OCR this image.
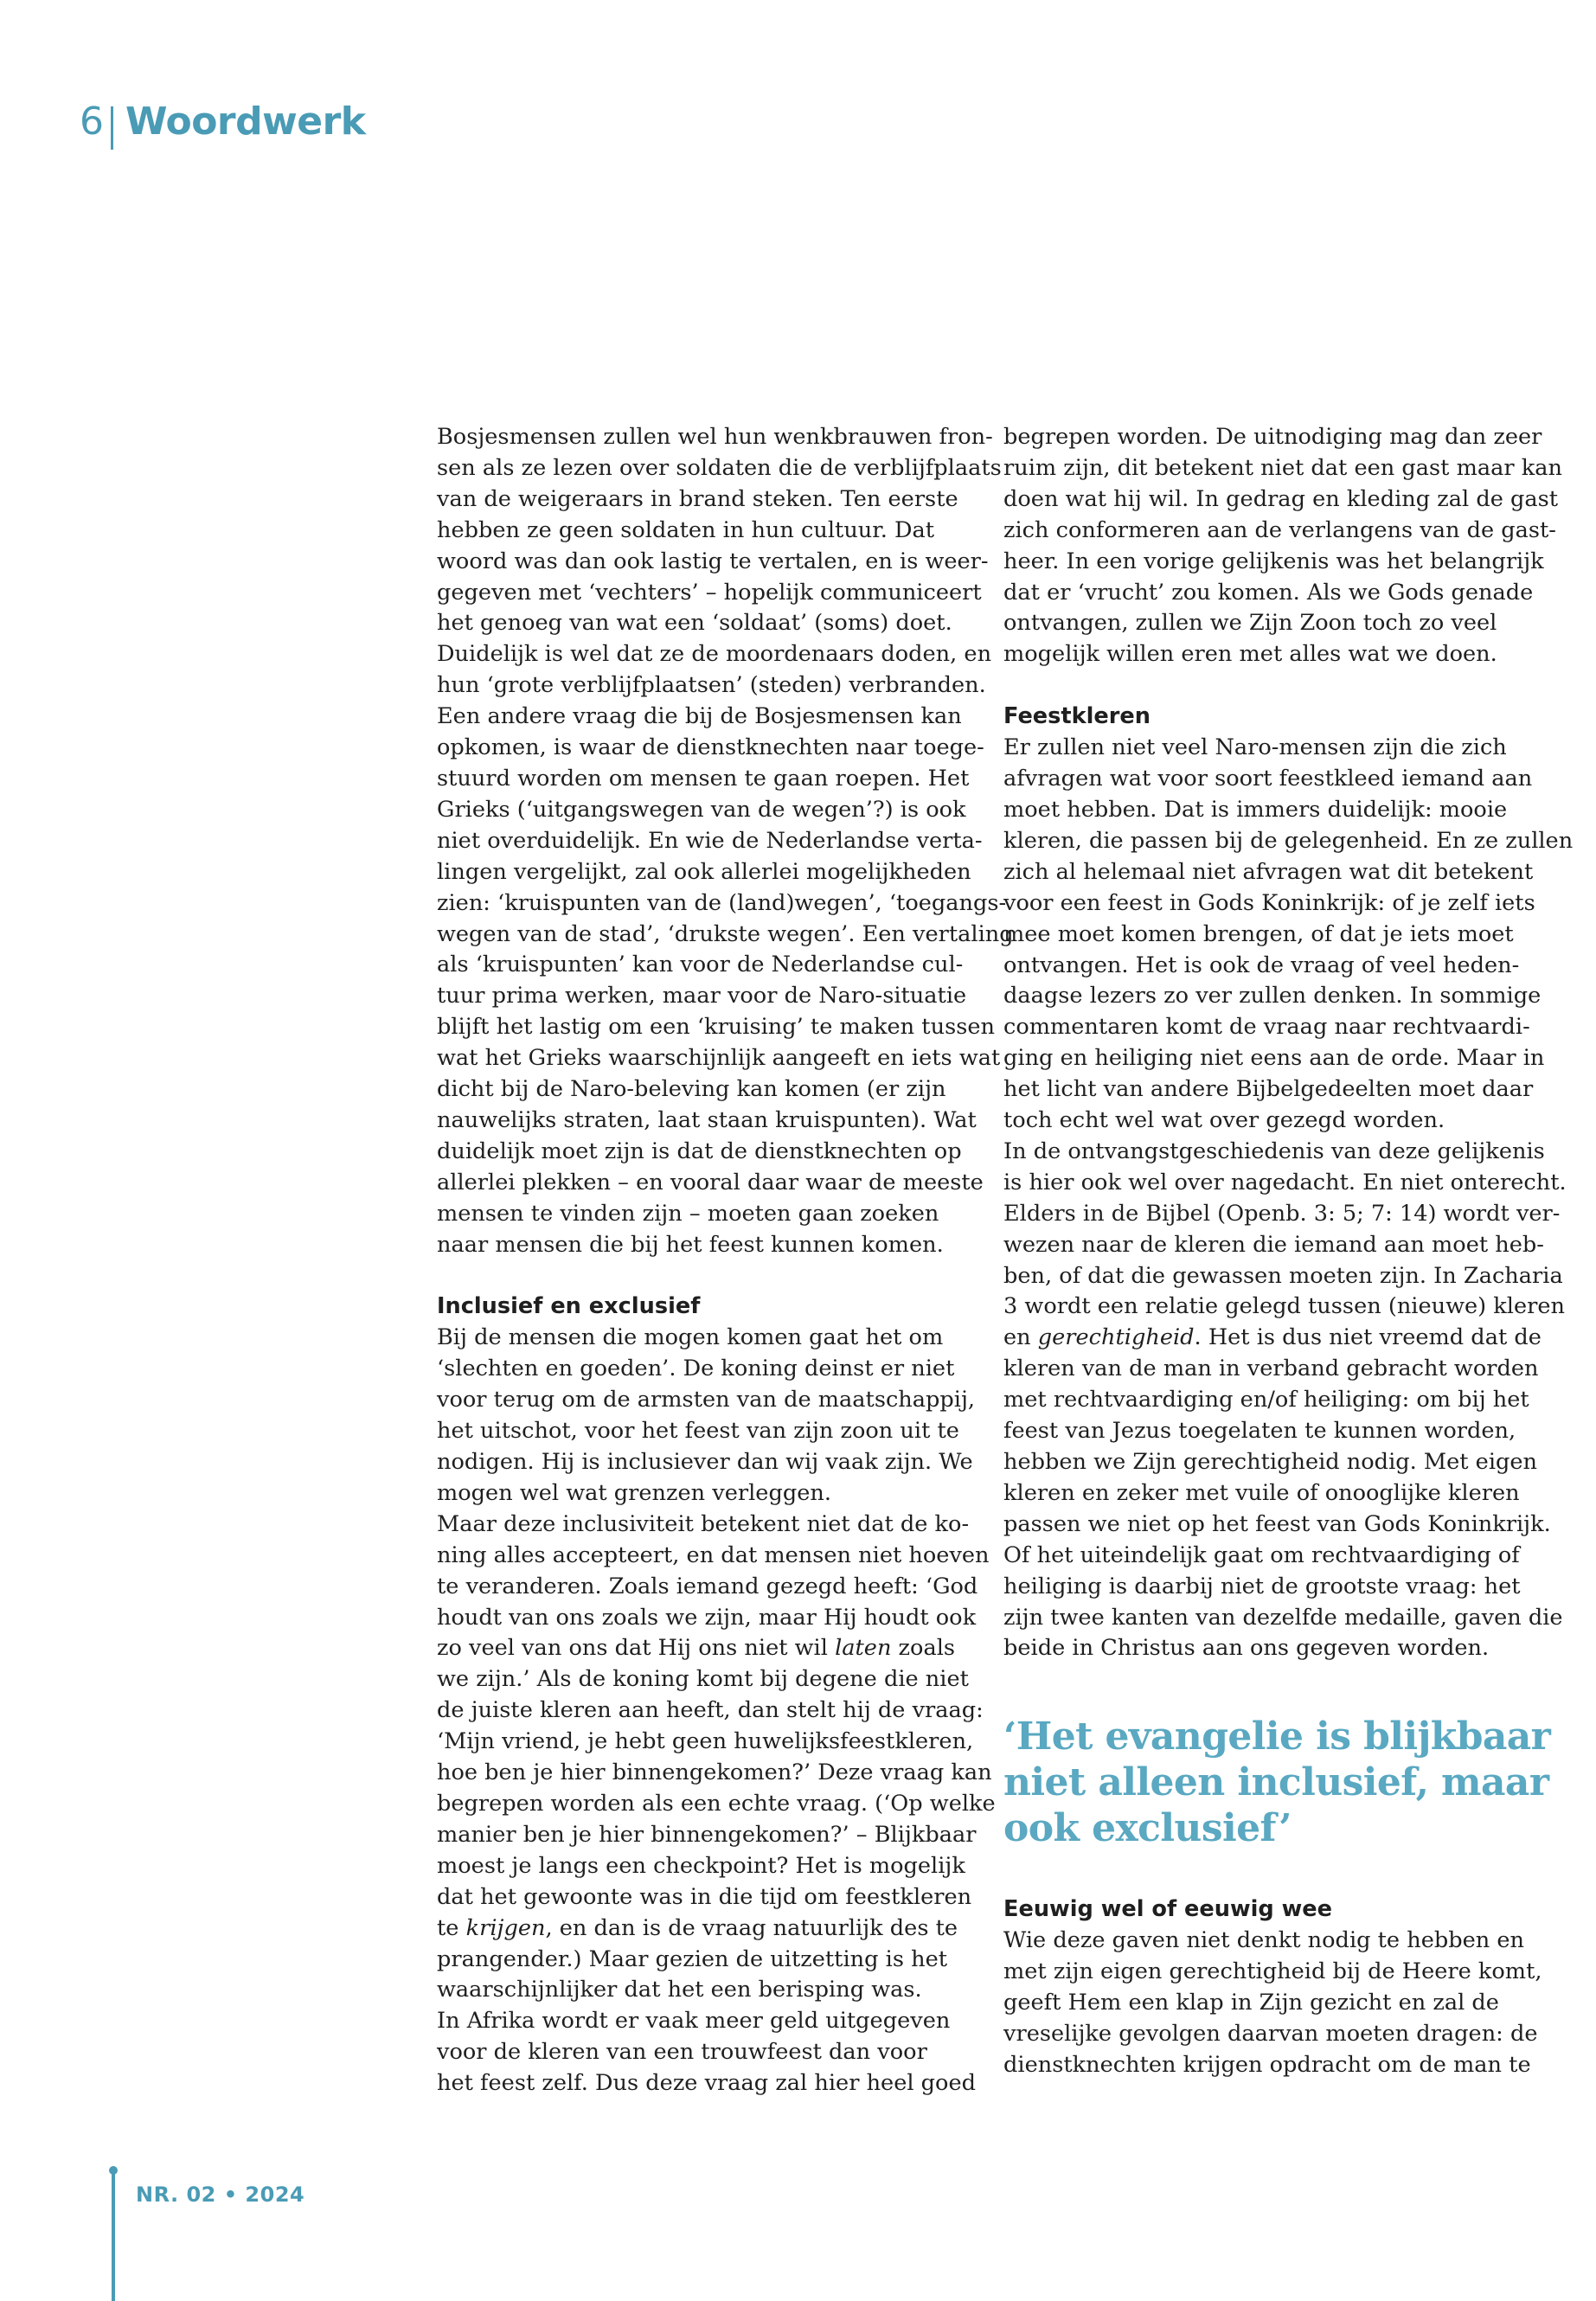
6 Woordwerk

Bosjesmensen zullen wel hun wenkbrauwen fron-
sen als ze lezen over soldaten die de verblijfplaats
van de weigeraars in brand steken. Ten eerste
hebben ze geen soldaten in hun cultuur. Dat
woord was dan ook lastig te vertalen, en is weer-
gegeven met ‘vechters’ – hopelijk communiceert
het genoeg van wat een ‘soldaat’ (soms) doet.
Duidelijk is wel dat ze de moordenaars doden, en
hun ‘grote verblijfplaatsen’ (steden) verbranden.
Een andere vraag die bij de Bosjesmensen kan
opkomen, is waar de dienstknechten naar toege-
stuurd worden om mensen te gaan roepen. Het
Grieks (‘uitgangswegen van de wegen’?) is ook
niet overduidelijk. En wie de Nederlandse verta-
lingen vergelijkt, zal ook allerlei mogelijkheden
zien: ‘kruispunten van de (land)wegen’, ‘toegangs-
wegen van de stad’, ‘drukste wegen’. Een vertaling
als ‘kruispunten’ kan voor de Nederlandse cul-
tuur prima werken, maar voor de Naro-situatie
blijft het lastig om een ‘kruising’ te maken tussen
wat het Grieks waarschijnlijk aangeeft en iets wat
dicht bij de Naro-beleving kan komen (er zijn
nauwelijks straten, laat staan kruispunten). Wat
duidelijk moet zijn is dat de dienstknechten op
allerlei plekken – en vooral daar waar de meeste
mensen te vinden zijn – moeten gaan zoeken
naar mensen die bij het feest kunnen komen.

Inclusief en exclusief

Bij de mensen die mogen komen gaat het om
‘slechten en goeden’. De koning deinst er niet
voor terug om de armsten van de maatschappij,
het uitschot, voor het feest van zijn zoon uit te
nodigen. Hij is inclusiever dan wij vaak zijn. We
mogen wel wat grenzen verleggen.

Maar deze inclusiviteit betekent niet dat de ko-
ning alles accepteert, en dat mensen niet hoeven
te veranderen. Zoals iemand gezegd heeft: ‘God
houdt van ons zoals we zijn, maar Hij houdt ook
zo veel van ons dat Hij ons niet wil laten zoals
we zijn.’ Als de koning komt bij degene die niet
de juiste kleren aan heeft, dan stelt hij de vraag:
‘Mijn vriend, je hebt geen huwelijksfeestkleren,
hoe ben je hier binnengekomen?’ Deze vraag kan
begrepen worden als een echte vraag. (‘Op welke
manier ben je hier binnengekomen?’ – Blijkbaar
moest je langs een checkpoint? Het is mogelijk
dat het gewoonte was in die tijd om feestkleren
te krijgen, en dan is de vraag natuurlijk des te
prangender.) Maar gezien de uitzetting is het
waarschijnlijker dat het een berisping was.

In Afrika wordt er vaak meer geld uitgegeven
voor de kleren van een trouwfeest dan voor
het feest zelf. Dus deze vraag zal hier heel goed

begrepen worden. De uitnodiging mag dan zeer
ruim zijn, dit betekent niet dat een gast maar kan
doen wat hij wil. In gedrag en kleding zal de gast
zich conformeren aan de verlangens van de gast-
heer. In een vorige gelijkenis was het belangrijk
dat er ‘vrucht’ zou komen. Als we Gods genade
ontvangen, zullen we Zijn Zoon toch zo veel
mogelijk willen eren met alles wat we doen.

Feestkleren

Er zullen niet veel Naro-mensen zijn die zich
afvragen wat voor soort feestkleed iemand aan
moet hebben. Dat is immers duidelijk: mooie
kleren, die passen bij de gelegenheid. En ze zullen
zich al helemaal niet afvragen wat dit betekent
voor een feest in Gods Koninkrijk: of je zelf iets
mee moet komen brengen, of dat je iets moet
ontvangen. Het is ook de vraag of veel heden-
daagse lezers zo ver zullen denken. In sommige
commentaren komt de vraag naar rechtvaardi-
ging en heiliging niet eens aan de orde. Maar in
het licht van andere Bijbelgedeelten moet daar
toch echt wel wat over gezegd worden.

In de ontvangstgeschiedenis van deze gelijkenis
is hier ook wel over nagedacht. En niet onterecht.
Elders in de Bijbel (Openb. 3: 5; 7: 14) wordt ver-
wezen naar de kleren die iemand aan moet heb-
ben, of dat die gewassen moeten zijn. In Zacharia
3 wordt een relatie gelegd tussen (nieuwe) kleren
en gerechtigheid. Het is dus niet vreemd dat de
kleren van de man in verband gebracht worden
met rechtvaardiging en/of heiliging: om bij het
feest van Jezus toegelaten te kunnen worden,
hebben we Zijn gerechtigheid nodig. Met eigen
kleren en zeker met vuile of onooglijke kleren
passen we niet op het feest van Gods Koninkrijk.
Of het uiteindelijk gaat om rechtvaardiging of
heiliging is daarbij niet de grootste vraag: het
zijn twee kanten van dezelfde medaille, gaven die
beide in Christus aan ons gegeven worden.

‘Het evangelie is blijkbaar
niet alleen inclusief, maar
ook exclusief’

Eeuwig wel of eeuwig wee

Wie deze gaven niet denkt nodig te hebben en
met zijn eigen gerechtigheid bij de Heere komt,
geeft Hem een klap in Zijn gezicht en zal de
vreselijke gevolgen daarvan moeten dragen: de
dienstknechten krijgen opdracht om de man te

NR. 02 • 2024
